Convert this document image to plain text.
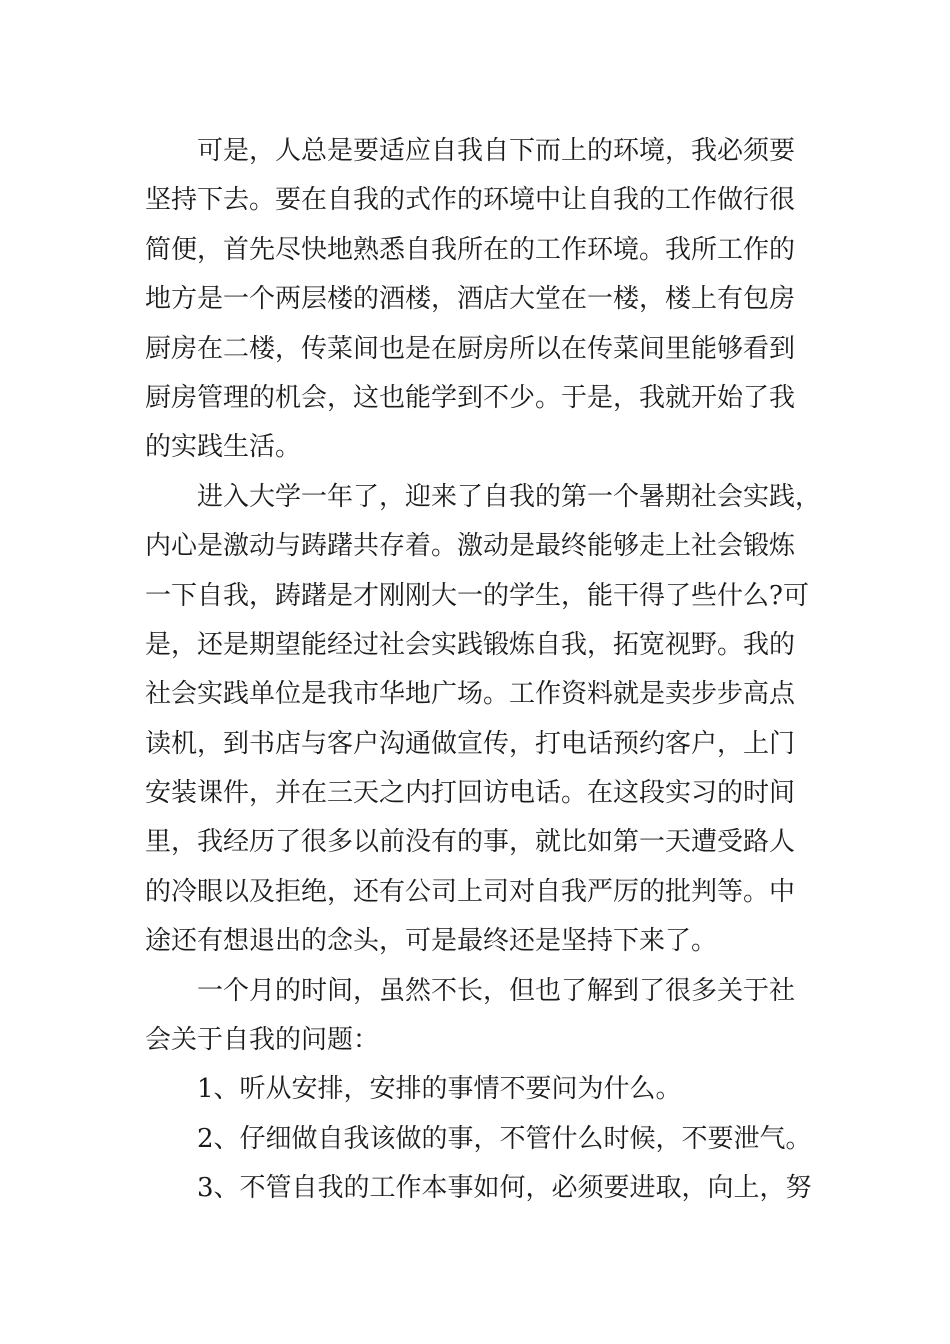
可是，人总是要适应自我自下而上的环境，我必须要
坚持下去。要在自我的式作的环境中让自我的工作做行很
简便，首先尽快地熟悉自我所在的工作环境。我所工作的
地方是一个两层楼的酒楼，酒店大堂在一楼，楼上有包房
厨房在二楼，传菜间也是在厨房所以在传菜间里能够看到
厨房管理的机会，这也能学到不少。于是，我就开始了我
的实践生活。

进入大学一年了，迎来了自我的第一个暑期社会实践，
内心是激动与踌躇共存着。激动是最终能够走上社会锻炼
一下自我，踌躇是才刚刚大一的学生，能干得了些什么?可
是，还是期望能经过社会实践锻炼自我，拓宽视野。我的
社会实践单位是我市华地广场。工作资料就是卖步步高点
读机，到书店与客户沟通做宣传，打电话预约客户，上门
安装课件，并在三天之内打回访电话。在这段实习的时间
里，我经历了很多以前没有的事，就比如第一天遭受路人
的冷眼以及拒绝，还有公司上司对自我严厉的批判等。中
途还有想退出的念头，可是最终还是坚持下来了。

一个月的时间，虽然不长，但也了解到了很多关于社
会关于自我的问题：

1、听从安排，安排的事情不要问为什么。

2、仔细做自我该做的事，不管什么时候，不要泄气。

3、不管自我的工作本事如何，必须要进取，向上，努
